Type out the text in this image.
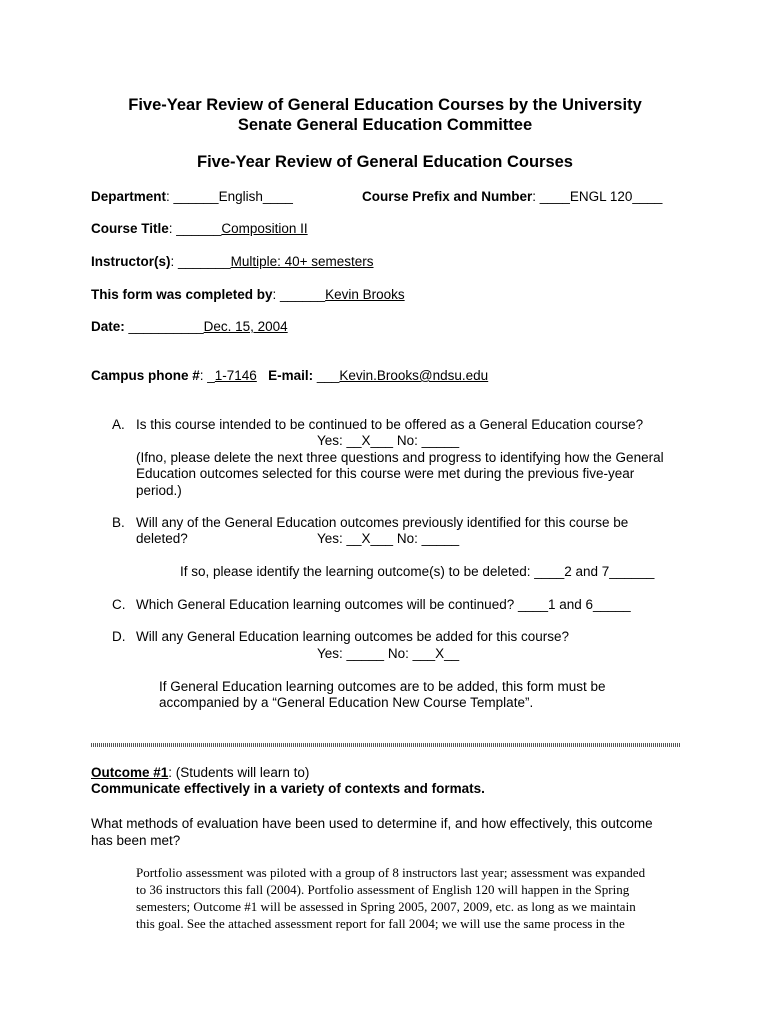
Five-Year Review of General Education Courses by the University
Senate General Education Committee
Five-Year Review of General Education Courses
Department: ______English____	Course Prefix and Number: ____ENGL 120____
Course Title: ______Composition II
Instructor(s): _______Multiple: 40+ semesters
This form was completed by: ______Kevin Brooks
Date: __________Dec. 15, 2004
Campus phone #: _1-7146 E-mail: ___Kevin.Brooks@ndsu.edu
A. Is this course intended to be continued to be offered as a General Education course?
Yes: __X___ No: _____
(Ifno, please delete the next three questions and progress to identifying how the General
Education outcomes selected for this course were met during the previous five-year
period.)
B. Will any of the General Education outcomes previously identified for this course be
deleted?	Yes: __X___ No: _____
If so, please identify the learning outcome(s) to be deleted: ____2 and 7______
C. Which General Education learning outcomes will be continued? ____1 and 6_____
D. Will any General Education learning outcomes be added for this course?
Yes: _____ No: ___X__
If General Education learning outcomes are to be added, this form must be
accompanied by a “General Education New Course Template”.
Outcome #1: (Students will learn to)
Communicate effectively in a variety of contexts and formats.
What methods of evaluation have been used to determine if, and how effectively, this outcome
has been met?
Portfolio assessment was piloted with a group of 8 instructors last year; assessment was expanded
to 36 instructors this fall (2004). Portfolio assessment of English 120 will happen in the Spring
semesters; Outcome #1 will be assessed in Spring 2005, 2007, 2009, etc. as long as we maintain
this goal. See the attached assessment report for fall 2004; we will use the same process in the
